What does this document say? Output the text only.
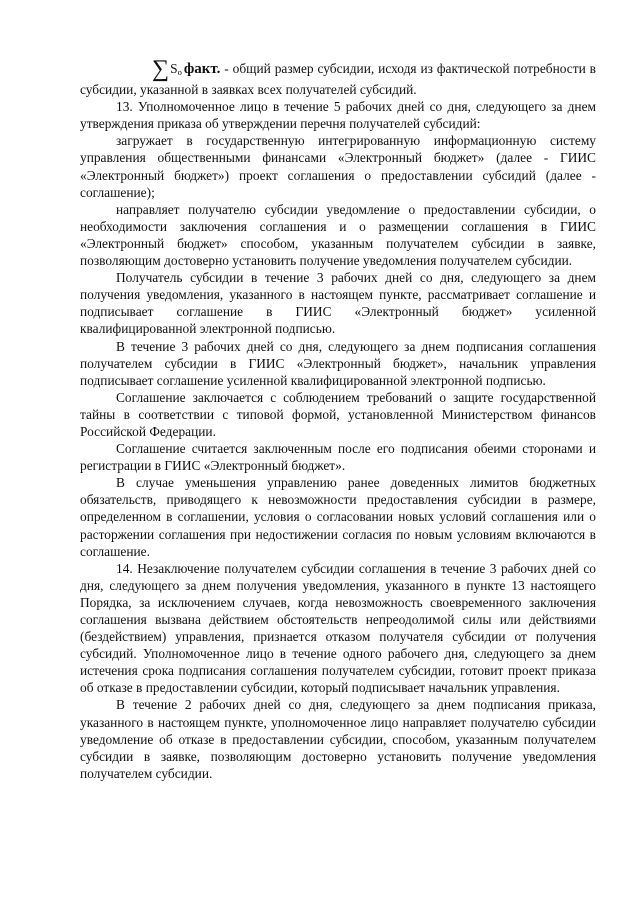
∑So факт. - общий размер субсидии, исходя из фактической потребности в субсидии, указанной в заявках всех получателей субсидий.

13. Уполномоченное лицо в течение 5 рабочих дней со дня, следующего за днем утверждения приказа об утверждении перечня получателей субсидий:

загружает в государственную интегрированную информационную систему управления общественными финансами «Электронный бюджет» (далее - ГИИС «Электронный бюджет») проект соглашения о предоставлении субсидий (далее - соглашение);

направляет получателю субсидии уведомление о предоставлении субсидии, о необходимости заключения соглашения и о размещении соглашения в ГИИС «Электронный бюджет» способом, указанным получателем субсидии в заявке, позволяющим достоверно установить получение уведомления получателем субсидии.

Получатель субсидии в течение 3 рабочих дней со дня, следующего за днем получения уведомления, указанного в настоящем пункте, рассматривает соглашение и подписывает соглашение в ГИИС «Электронный бюджет» усиленной квалифицированной электронной подписью.

В течение 3 рабочих дней со дня, следующего за днем подписания соглашения получателем субсидии в ГИИС «Электронный бюджет», начальник управления подписывает соглашение усиленной квалифицированной электронной подписью.

Соглашение заключается с соблюдением требований о защите государственной тайны в соответствии с типовой формой, установленной Министерством финансов Российской Федерации.

Соглашение считается заключенным после его подписания обеими сторонами и регистрации в ГИИС «Электронный бюджет».

В случае уменьшения управлению ранее доведенных лимитов бюджетных обязательств, приводящего к невозможности предоставления субсидии в размере, определенном в соглашении, условия о согласовании новых условий соглашения или о расторжении соглашения при недостижении согласия по новым условиям включаются в соглашение.

14. Незаключение получателем субсидии соглашения в течение 3 рабочих дней со дня, следующего за днем получения уведомления, указанного в пункте 13 настоящего Порядка, за исключением случаев, когда невозможность своевременного заключения соглашения вызвана действием обстоятельств непреодолимой силы или действиями (бездействием) управления, признается отказом получателя субсидии от получения субсидий. Уполномоченное лицо в течение одного рабочего дня, следующего за днем истечения срока подписания соглашения получателем субсидии, готовит проект приказа об отказе в предоставлении субсидии, который подписывает начальник управления.

В течение 2 рабочих дней со дня, следующего за днем подписания приказа, указанного в настоящем пункте, уполномоченное лицо направляет получателю субсидии уведомление об отказе в предоставлении субсидии, способом, указанным получателем субсидии в заявке, позволяющим достоверно установить получение уведомления получателем субсидии.
